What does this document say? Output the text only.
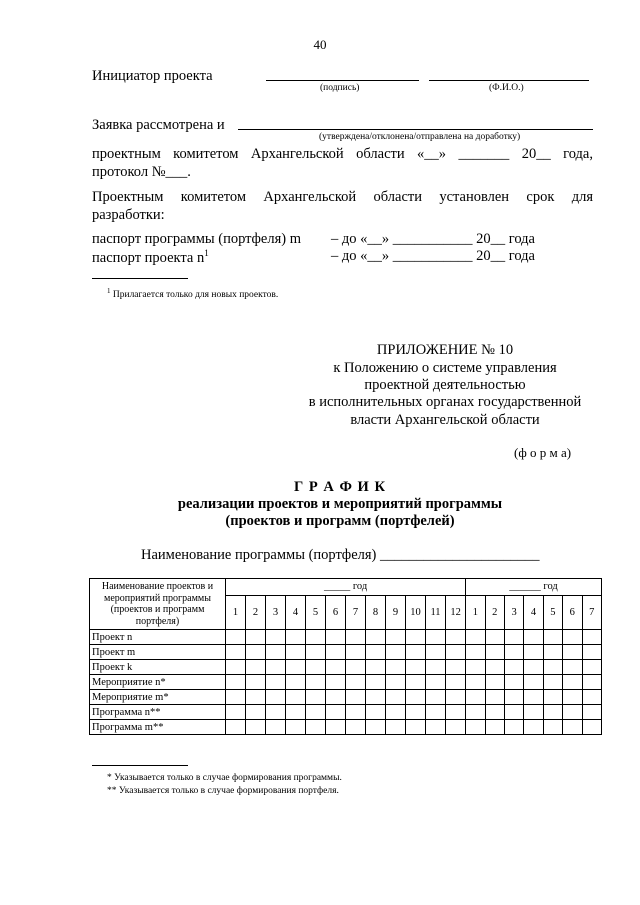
40
Инициатор проекта
(подпись)	(Ф.И.О.)
Заявка рассмотрена и
(утверждена/отклонена/отправлена на доработку)
проектным комитетом Архангельской области «__» _______ 20__ года,
протокол №___.
Проектным комитетом Архангельской области установлен срок для
разработки:
паспорт программы (портфеля) m – до «__» ___________ 20__ года
паспорт проекта $n^1$	– до «__» ___________ 20__ года
$^1$ Прилагается только для новых проектов.
ПРИЛОЖЕНИЕ № 10
к Положению о системе управления
проектной деятельностью
в исполнительных органах государственной
власти Архангельской области
(ф о р м а)
Г Р А Ф И К
реализации проектов и мероприятий программы
(проектов и программ (портфелей)
Наименование программы (портфеля) ______________________
Наименование проектов и мероприятий программы (проектов и программ портфеля)	_____ год												______ год						
	1	2	3	4	5	6	7	8	9	10	11	12	1	2	3	4	5	6	7
Проект n																			
Проект m																			
Проект k																			
Мероприятие n*																			
Мероприятие m*																			
Программа n**																			
Программа m**																			
* Указывается только в случае формирования программы.
** Указывается только в случае формирования портфеля.
